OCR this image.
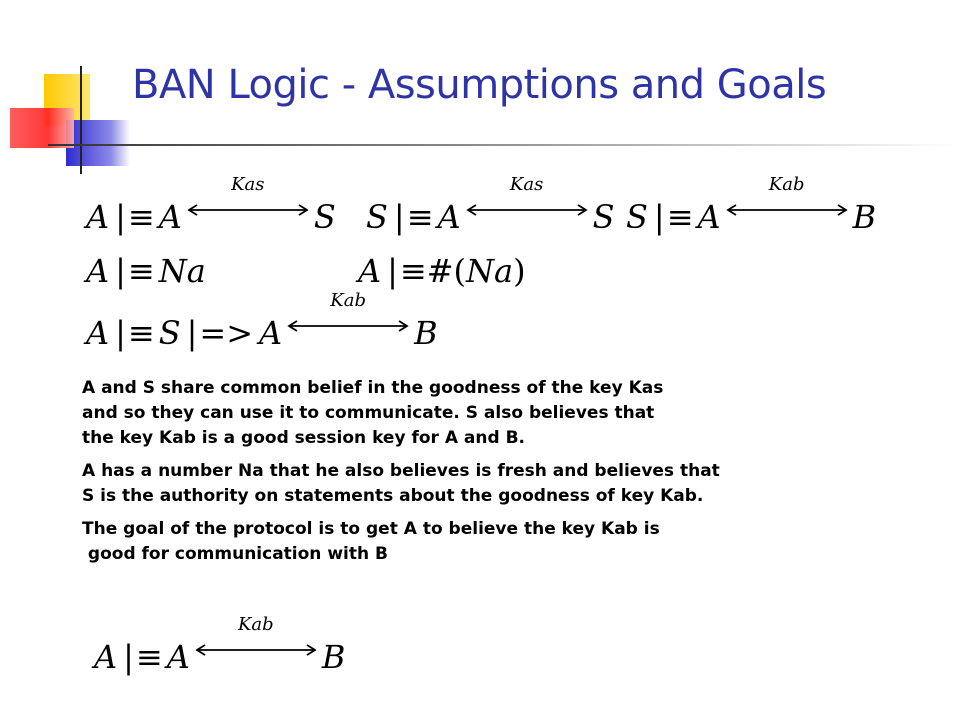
BAN Logic - Assumptions and Goals
A | ≡ A
Kas
S S | ≡ A
Kas
S S | ≡ A
Kab
B
A | ≡ Na	A | ≡ # ( Na )
A | ≡ S | => A
Kab
B

A and S share common belief in the goodness of the key Kas
and so they can use it to communicate. S also believes that
the key Kab is a good session key for A and B.

A has a number Na that he also believes is fresh and believes that
S is the authority on statements about the goodness of key Kab.

The goal of the protocol is to get A to believe the key Kab is
good for communication with B

A | ≡ A
Kab
B
